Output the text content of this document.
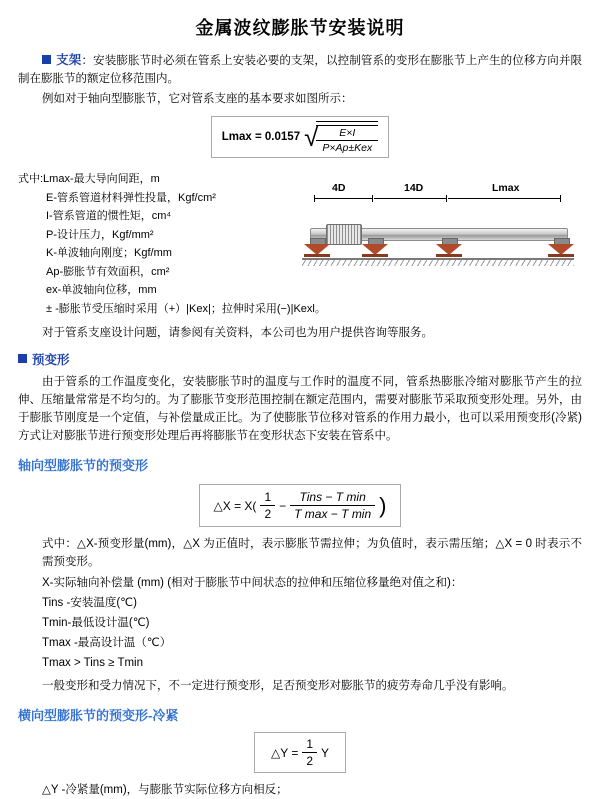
金属波纹膨胀节安装说明

支架：安装膨胀节时必须在管系上安装必要的支架，以控制管系的变形在膨胀节上产生的位移方向并限制在膨胀节的额定位移范围内。

例如对于轴向型膨胀节，它对管系支座的基本要求如图所示：

Lmax = 0.0157 √
$\frac{E\times I}{\text{P×Ap±Kex}}$
式中:Lmax-最大导向间距，m
E-管系管道材料弹性投量，Kgf/cm²
I-管系管道的惯性矩，cm⁴
P-设计压力，Kgf/mm²
K-单波轴向刚度；Kgf/mm
Ap-膨胀节有效面积，cm²
ex-单波轴向位移，mm
± -膨胀节受压缩时采用（+）|Kex|；拉伸时采用(−)|Kexl。
4D	14D	Lmax

对于管系支座设计问题，请参阅有关资料，本公司也为用户提供咨询等服务。

预变形

由于管系的工作温度变化，安装膨胀节时的温度与工作时的温度不同，管系热膨胀冷缩对膨胀节产生的拉伸、压缩量常常是不均匀的。为了膨胀节变形范围控制在额定范围内，需要对膨胀节采取预变形处理。另外，由于膨胀节刚度是一个定值，与补偿量成正比。为了使膨胀节位移对管系的作用力最小，也可以采用预变形(冷紧)方式让对膨胀节进行预变形处理后再将膨胀节在变形状态下安装在管系中。

轴向型膨胀节的预变形
△X = $X( \frac{1}{2}$ −
Tins − T min
T max − T min )

式中：△X-预变形量(mm)，△X 为正值时，表示膨胀节需拉伸；为负值时，表示需压缩；△X = 0 时表示不需预变形。

X-实际轴向补偿量 (mm) (相对于膨胀节中间状态的拉伸和压缩位移量绝对值之和)：
Tins -安装温度(℃)
Tmin-最低设计温(℃)
Tmax -最高设计温（℃）
Tmax > Tins ≥ Tmin

一般变形和受力情况下，不一定进行预变形，足否预变形对膨胀节的疲劳寿命几乎没有影响。

横向型膨胀节的预变形-冷紧
△Y = $\frac{1}{2}$ Y

△Y -冷紧量(mm)，与膨胀节实际位移方向相反；
